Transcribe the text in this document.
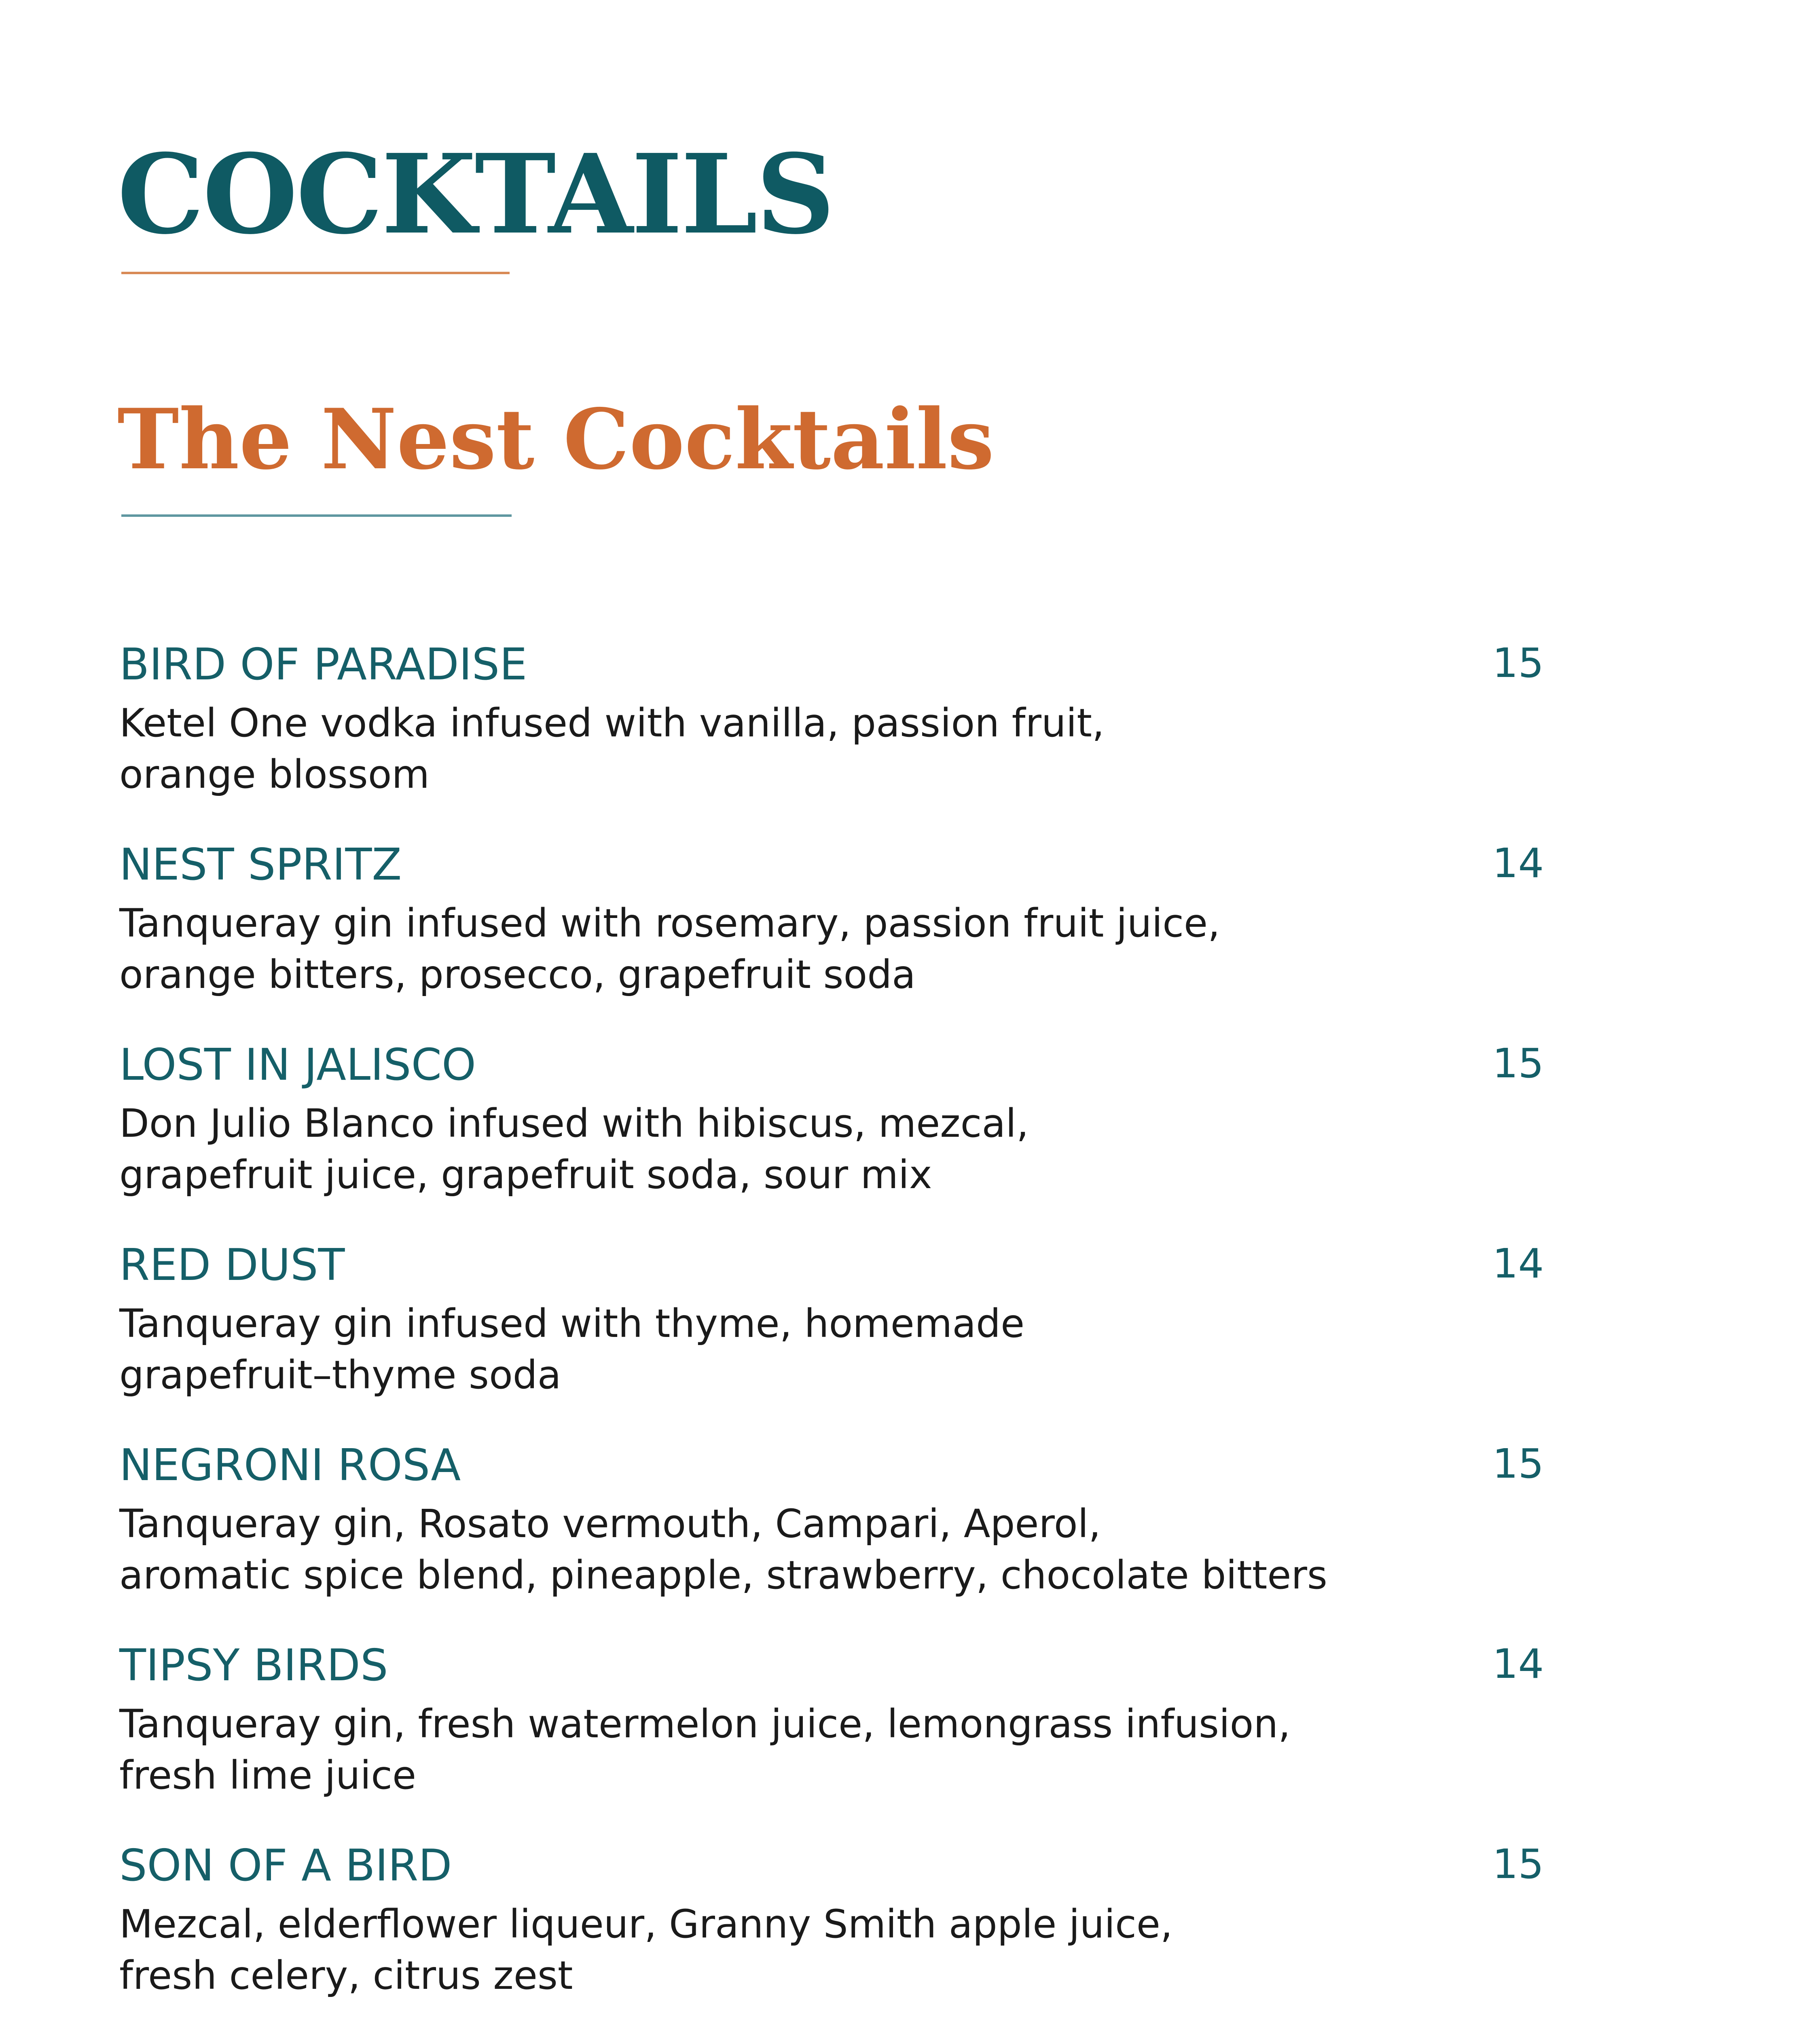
COCKTAILS
The Nest Cocktails
BIRD OF PARADISE	15
Ketel One vodka infused with vanilla, passion fruit,
orange blossom
NEST SPRITZ	14
Tanqueray gin infused with rosemary, passion fruit juice,
orange bitters, prosecco, grapefruit soda
LOST IN JALISCO	15
Don Julio Blanco infused with hibiscus, mezcal,
grapefruit juice, grapefruit soda, sour mix
RED DUST	14
Tanqueray gin infused with thyme, homemade
grapefruit–thyme soda
NEGRONI ROSA	15
Tanqueray gin, Rosato vermouth, Campari, Aperol,
aromatic spice blend, pineapple, strawberry, chocolate bitters
TIPSY BIRDS	14
Tanqueray gin, fresh watermelon juice, lemongrass infusion,
fresh lime juice
SON OF A BIRD	15
Mezcal, elderflower liqueur, Granny Smith apple juice,
fresh celery, citrus zest
